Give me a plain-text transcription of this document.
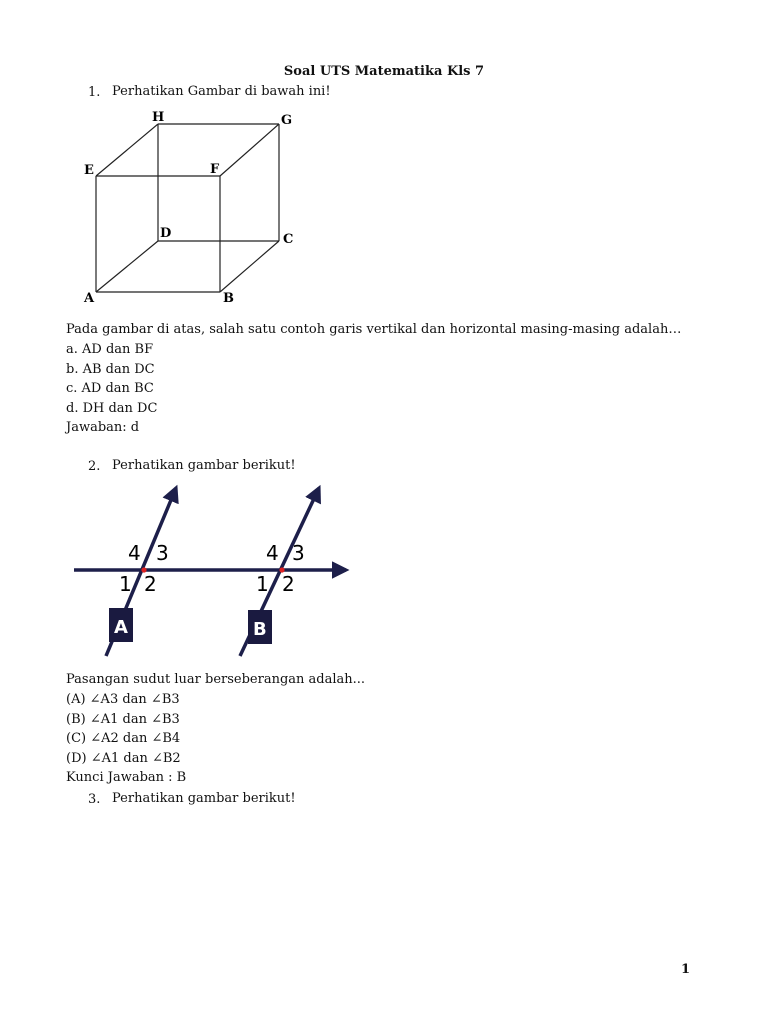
Soal UTS Matematika Kls 7
1. Perhatikan Gambar di bawah ini!
A	B
C
D
E	F
G
H
Pada gambar di atas, salah satu contoh garis vertikal dan horizontal masing-masing adalah…
a. AD dan BF
b. AB dan DC
c. AD dan BC
d. DH dan DC
Jawaban: d
2. Perhatikan gambar berikut!
4 3
1 2
4 3
1 2
A	B
Pasangan sudut luar berseberangan adalah...
(A) ∠A3 dan ∠B3
(B) ∠A1 dan ∠B3
(C) ∠A2 dan ∠B4
(D) ∠A1 dan ∠B2
Kunci Jawaban : B
3. Perhatikan gambar berikut!
1
